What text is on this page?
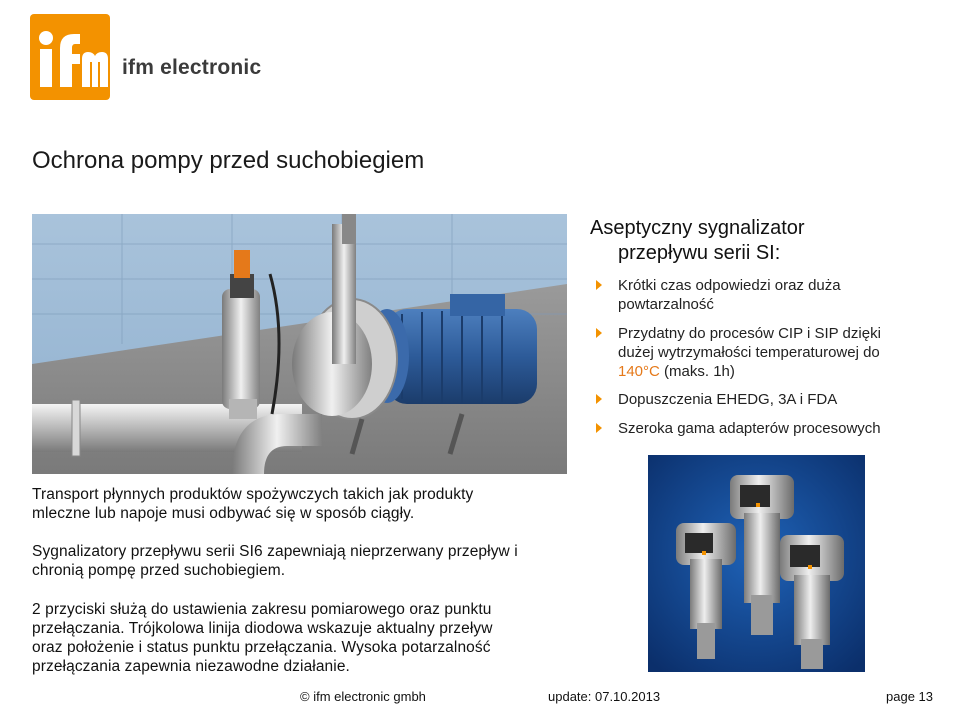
ifm electronic
Ochrona pompy przed suchobiegiem
Aseptyczny sygnalizator
przepływu serii SI:
Krótki czas odpowiedzi oraz duża
powtarzalność
Przydatny do procesów CIP i SIP dzięki
dużej wytrzymałości temperaturowej do
140°C (maks. 1h)
Dopuszczenia EHEDG, 3A i FDA
Szeroka gama adapterów procesowych
Transport płynnych produktów spożywczych takich jak produkty
mleczne lub napoje musi odbywać się w sposób ciągły.
Sygnalizatory przepływu serii SI6 zapewniają nieprzerwany przepływ i
chronią pompę przed suchobiegiem.
2 przyciski służą do ustawienia zakresu pomiarowego oraz punktu
przełączania. Trójkolowa linija diodowa wskazuje aktualny przeływ
oraz położenie i status punktu przełączania. Wysoka potarzalność
przełączania zapewnia niezawodne działanie.
© ifm electronic gmbh	update: 07.10.2013	page 13
